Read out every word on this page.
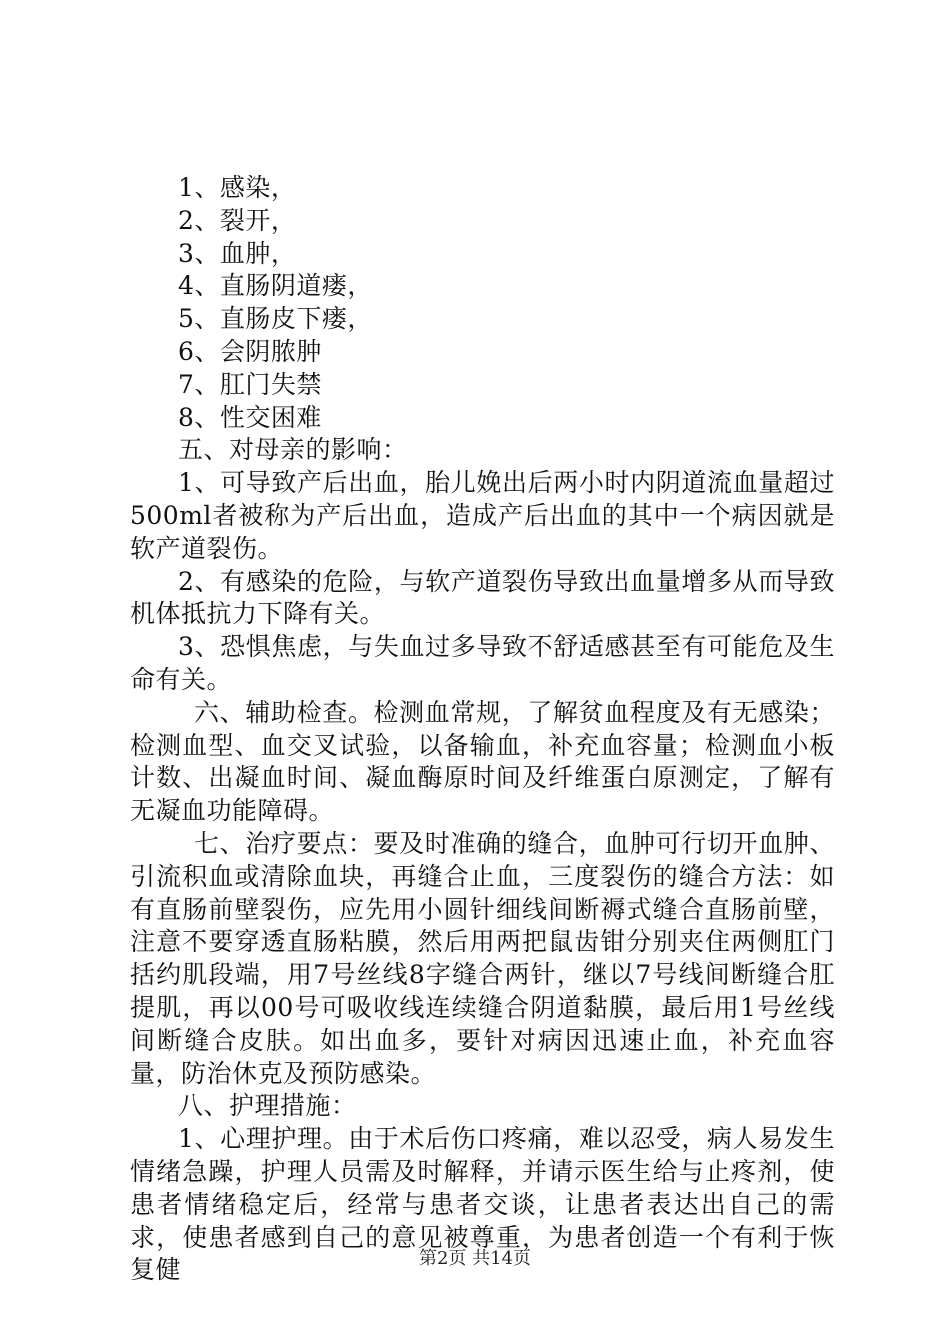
1、感染，

2、裂开，

3、血肿，

4、直肠阴道瘘，

5、直肠皮下瘘，

6、会阴脓肿

7、肛门失禁

8、性交困难

五、对母亲的影响：

1、可导致产后出血，胎儿娩出后两小时内阴道流血量超过500ml者被称为产后出血，造成产后出血的其中一个病因就是软产道裂伤。

2、有感染的危险，与软产道裂伤导致出血量增多从而导致机体抵抗力下降有关。

3、恐惧焦虑，与失血过多导致不舒适感甚至有可能危及生命有关。

六、辅助检查。检测血常规，了解贫血程度及有无感染；检测血型、血交叉试验，以备输血，补充血容量；检测血小板计数、出凝血时间、凝血酶原时间及纤维蛋白原测定，了解有无凝血功能障碍。

七、治疗要点：要及时准确的缝合，血肿可行切开血肿、引流积血或清除血块，再缝合止血，三度裂伤的缝合方法：如有直肠前壁裂伤，应先用小圆针细线间断褥式缝合直肠前壁，注意不要穿透直肠粘膜，然后用两把鼠齿钳分别夹住两侧肛门括约肌段端，用7号丝线8字缝合两针，继以7号线间断缝合肛提肌，再以00号可吸收线连续缝合阴道黏膜，最后用1号丝线间断缝合皮肤。如出血多，要针对病因迅速止血，补充血容量，防治休克及预防感染。

八、护理措施：

1、心理护理。由于术后伤口疼痛，难以忍受，病人易发生情绪急躁，护理人员需及时解释，并请示医生给与止疼剂，使患者情绪稳定后，经常与患者交谈，让患者表达出自己的需求，使患者感到自己的意见被尊重，为患者创造一个有利于恢复健	第2页 共14页
